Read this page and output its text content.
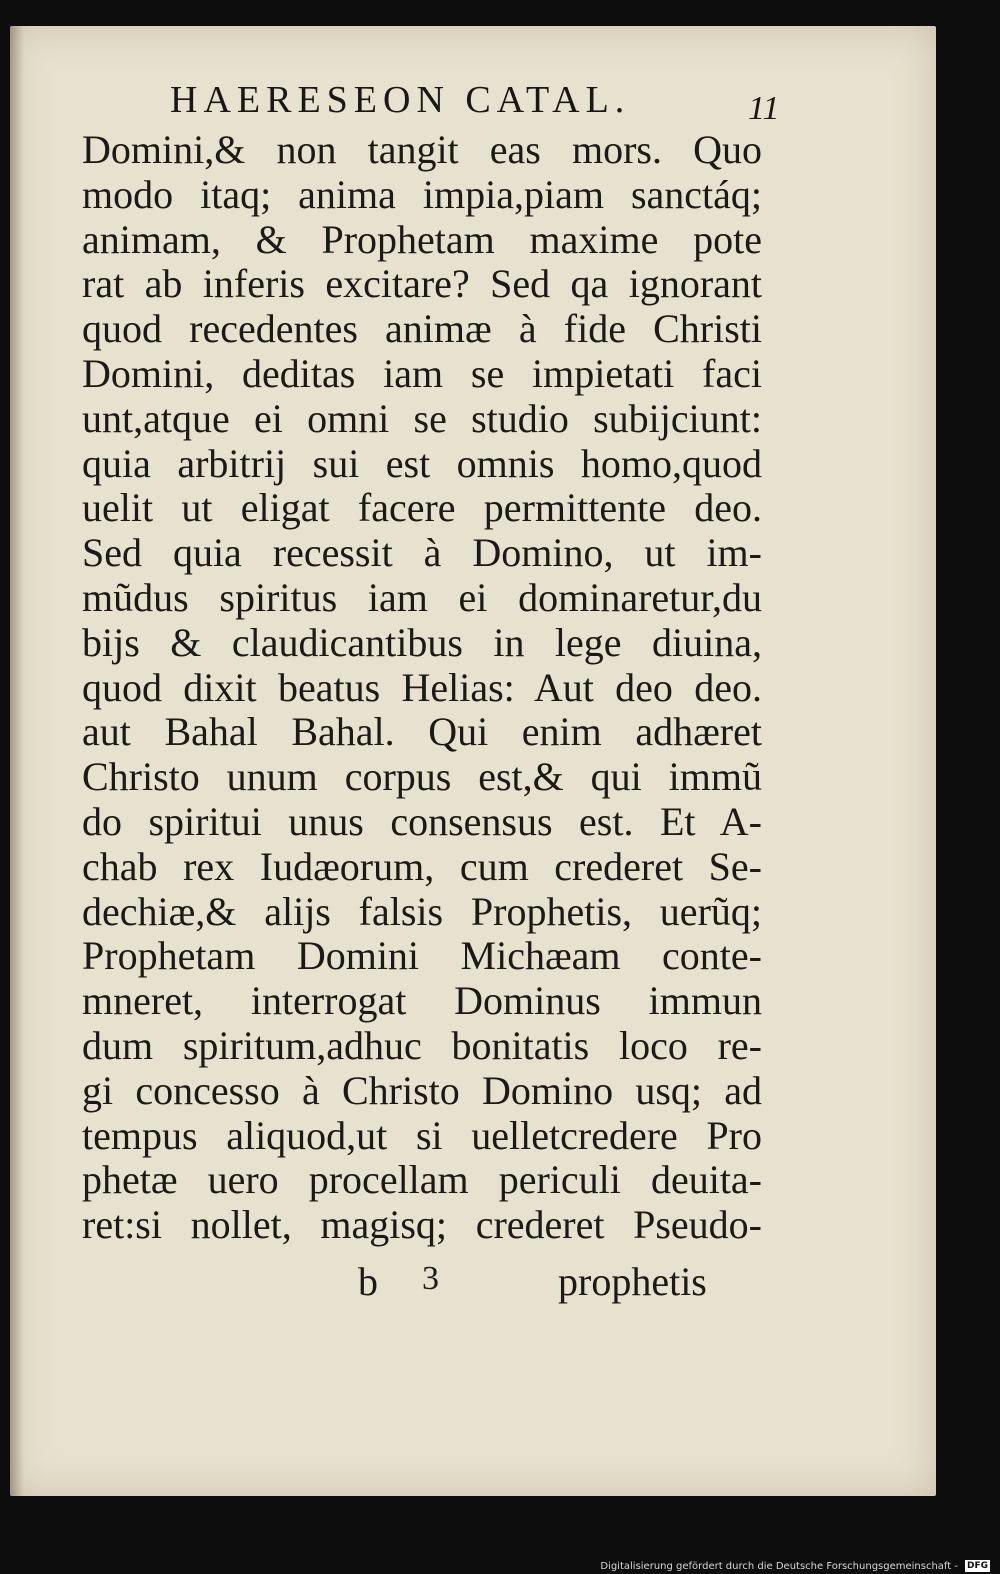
HAERESEON CATAL.	11
Domini,& non tangit eas mors. Quo
modo itaq; anima impia,piam sanctáq;
animam, & Prophetam maxime pote
rat ab inferis excitare? Sed qa ignorant
quod recedentes animæ à fide Christi
Domini, deditas iam se impietati faci
unt,atque ei omni se studio subijciunt:
quia arbitrij sui est omnis homo,quod
uelit ut eligat facere permittente deo.
Sed quia recessit à Domino, ut im-
mũdus spiritus iam ei dominaretur,du
bijs & claudicantibus in lege diuina,
quod dixit beatus Helias: Aut deo deo.
aut Bahal Bahal. Qui enim adhæret
Christo unum corpus est,& qui immũ
do spiritui unus consensus est. Et A-
chab rex Iudæorum, cum crederet Se-
dechiæ,& alijs falsis Prophetis, uerũq;
Prophetam Domini Michæam conte-
mneret, interrogat Dominus immun
dum spiritum,adhuc bonitatis loco re-
gi concesso à Christo Domino usq; ad
tempus aliquod,ut si uelletcredere Pro
phetæ uero procellam periculi deuita-
ret:si nollet, magisq; crederet Pseudo-
b 3	prophetis
Digitalisierung gefördert durch die Deutsche Forschungsgemeinschaft - DFG
